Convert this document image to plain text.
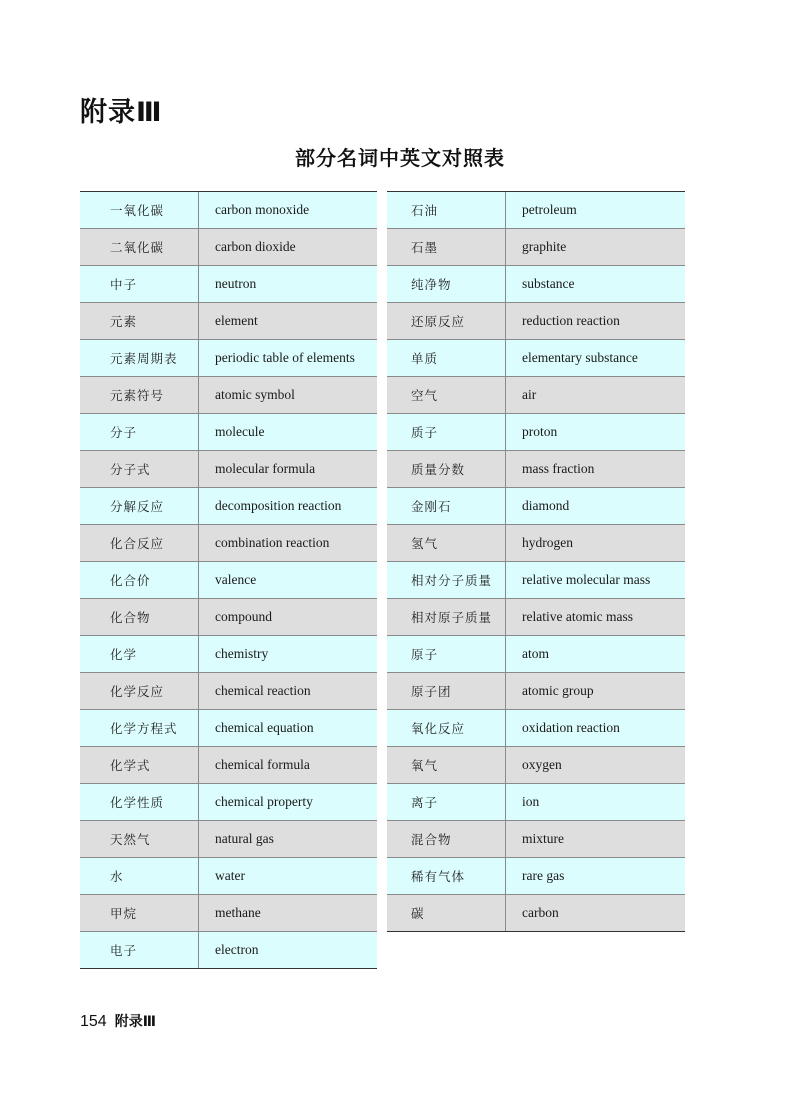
附录Ⅲ
部分名词中英文对照表
一氧化碳	carbon monoxide
二氧化碳	carbon dioxide
中子	neutron
元素	element
元素周期表	periodic table of elements
元素符号	atomic symbol
分子	molecule
分子式	molecular formula
分解反应	decomposition reaction
化合反应	combination reaction
化合价	valence
化合物	compound
化学	chemistry
化学反应	chemical reaction
化学方程式	chemical equation
化学式	chemical formula
化学性质	chemical property
天然气	natural gas
水	water
甲烷	methane
电子	electron
石油	petroleum
石墨	graphite
纯净物	substance
还原反应	reduction reaction
单质	elementary substance
空气	air
质子	proton
质量分数	mass fraction
金刚石	diamond
氢气	hydrogen
相对分子质量	relative molecular mass
相对原子质量	relative atomic mass
原子	atom
原子团	atomic group
氧化反应	oxidation reaction
氧气	oxygen
离子	ion
混合物	mixture
稀有气体	rare gas
碳	carbon
154 附录Ⅲ
